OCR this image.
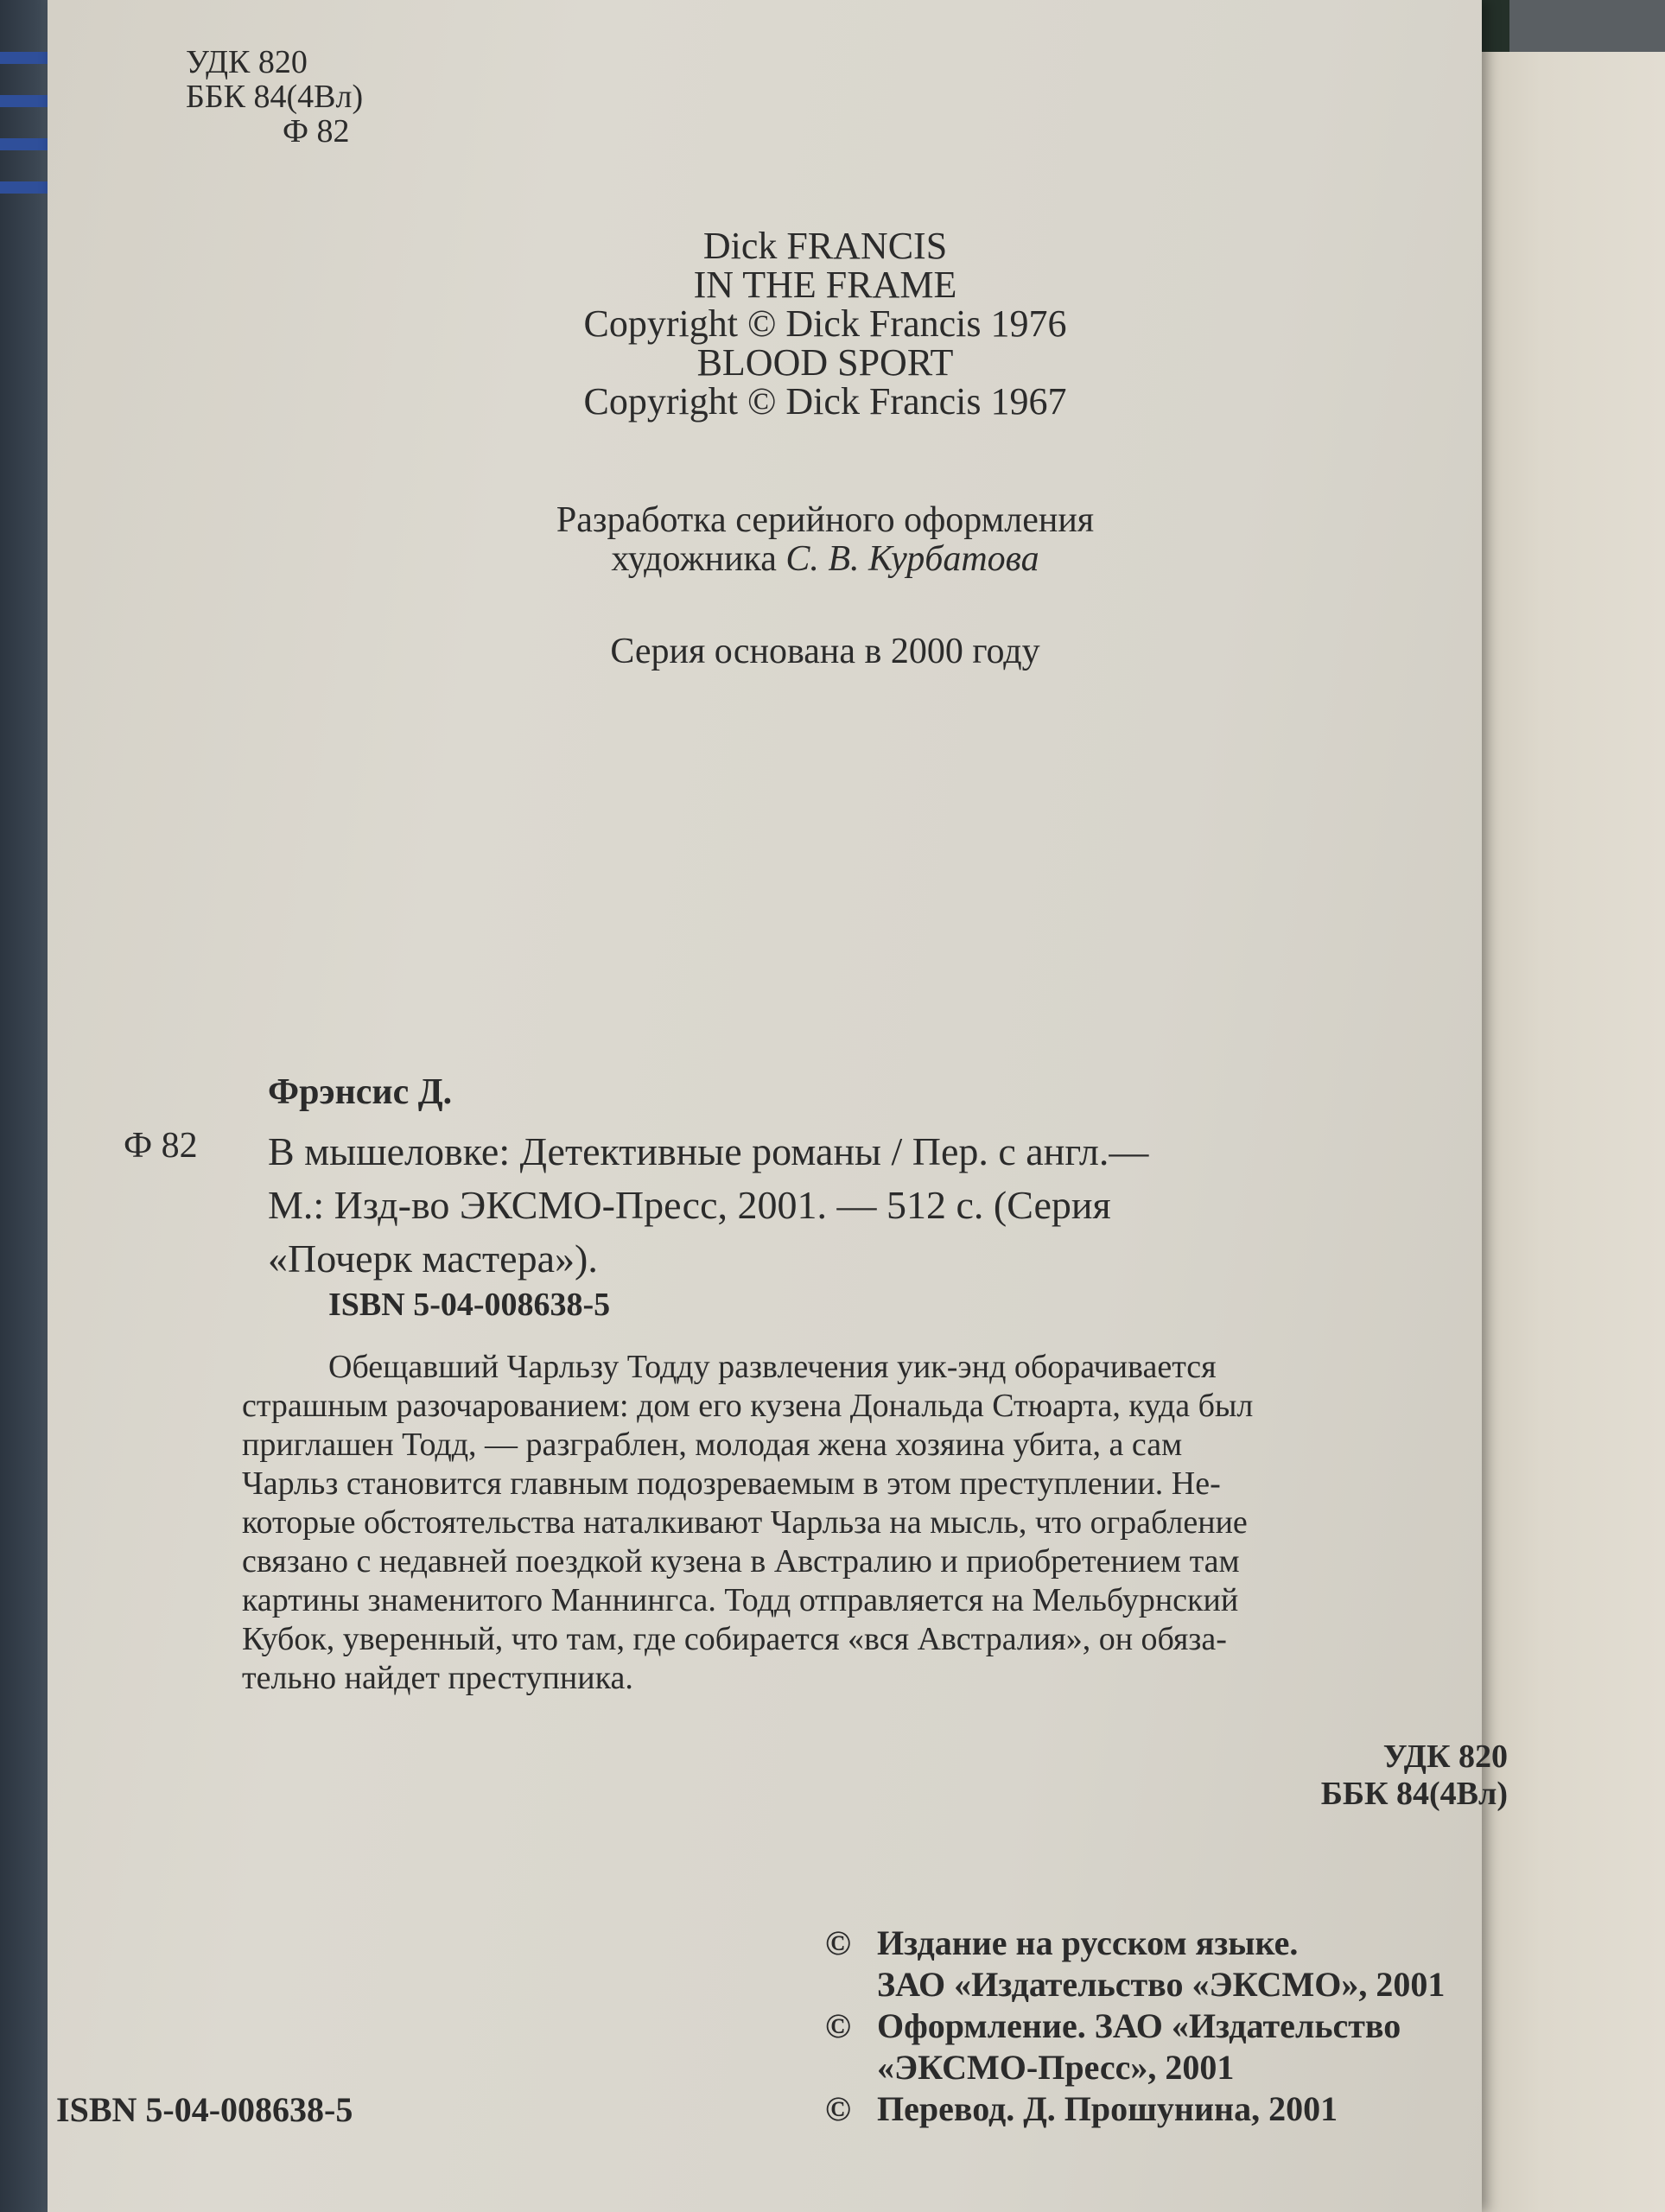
УДК 820
ББК 84(4Вл)
Ф 82
Dick FRANCIS
IN THE FRAME
Copyright © Dick Francis 1976
BLOOD SPORT
Copyright © Dick Francis 1967
Разработка серийного оформления
художника С. В. Курбатова
Серия основана в 2000 году
Фрэнсис Д.
Ф 82 В мышеловке: Детективные романы / Пер. с англ.—
М.: Изд-во ЭКСМО-Пресс, 2001. — 512 с. (Серия
«Почерк мастера»).
ISBN 5-04-008638-5
Обещавший Чарльзу Тодду развлечения уик-энд оборачивается
страшным разочарованием: дом его кузена Дональда Стюарта, куда был
приглашен Тодд, — разграблен, молодая жена хозяина убита, а сам
Чарльз становится главным подозреваемым в этом преступлении. Не-
которые обстоятельства наталкивают Чарльза на мысль, что ограбление
связано с недавней поездкой кузена в Австралию и приобретением там
картины знаменитого Маннингса. Тодд отправляется на Мельбурнский
Кубок, уверенный, что там, где собирается «вся Австралия», он обяза-
тельно найдет преступника.
УДК 820
ББК 84(4Вл)
© Издание на русском языке.
ЗАО «Издательство «ЭКСМО», 2001
© Оформление. ЗАО «Издательство
«ЭКСМО-Пресс», 2001
© Перевод. Д. Прошунина, 2001
ISBN 5-04-008638-5
